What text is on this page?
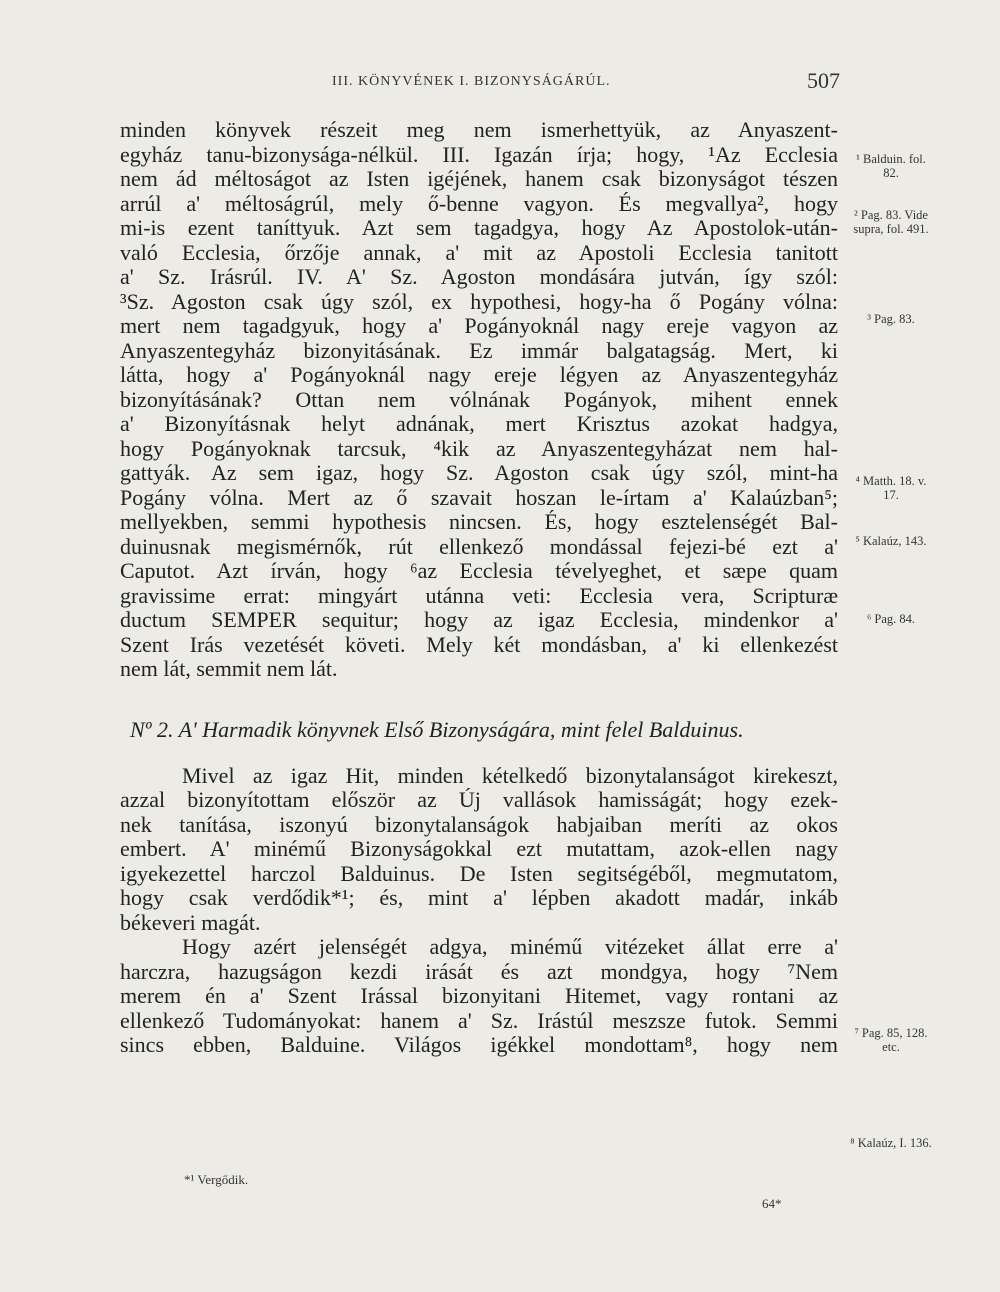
III. KÖNYVÉNEK I. BIZONYSÁGÁRÚL.	507
minden könyvek részeit meg nem ismerhettyük, az Anyaszent-
egyház tanu-bizonysága-nélkül. III. Igazán írja; hogy, ¹Az Ecclesia
nem ád méltoságot az Isten igéjének, hanem csak bizonyságot tészen
arrúl a' méltoságrúl, mely ő-benne vagyon. És megvallya², hogy
mi-is ezent taníttyuk. Azt sem tagadgya, hogy Az Apostolok-után-
való Ecclesia, őrzője annak, a' mit az Apostoli Ecclesia tanitott
a' Sz. Irásrúl. IV. A' Sz. Agoston mondására jutván, így szól:
³Sz. Agoston csak úgy szól, ex hypothesi, hogy-ha ő Pogány vólna:
mert nem tagadgyuk, hogy a' Pogányoknál nagy ereje vagyon az
Anyaszentegyház bizonyitásának. Ez immár balgatagság. Mert, ki
látta, hogy a' Pogányoknál nagy ereje légyen az Anyaszentegyház
bizonyításának? Ottan nem vólnának Pogányok, mihent ennek
a' Bizonyításnak helyt adnának, mert Krisztus azokat hadgya,
hogy Pogányoknak tarcsuk, ⁴kik az Anyaszentegyházat nem hal-
gattyák. Az sem igaz, hogy Sz. Agoston csak úgy szól, mint-ha
Pogány vólna. Mert az ő szavait hoszan le-írtam a' Kalaúzban⁵;
mellyekben, semmi hypothesis nincsen. És, hogy esztelenségét Bal-
duinusnak megismérnők, rút ellenkező mondással fejezi-bé ezt a'
Caputot. Azt írván, hogy ⁶az Ecclesia tévelyeghet, et sæpe quam
gravissime errat: mingyárt utánna veti: Ecclesia vera, Scripturæ
ductum SEMPER sequitur; hogy az igaz Ecclesia, mindenkor a'
Szent Irás vezetését követi. Mely két mondásban, a' ki ellenkezést
nem lát, semmit nem lát.
Nº 2. A' Harmadik könyvnek Első Bizonyságára, mint felel Balduinus.
Mivel az igaz Hit, minden kételkedő bizonytalanságot kirekeszt,
azzal bizonyítottam először az Új vallások hamisságát; hogy ezek-
nek tanítása, iszonyú bizonytalanságok habjaiban meríti az okos
embert. A' minémű Bizonyságokkal ezt mutattam, azok-ellen nagy
igyekezettel harczol Balduinus. De Isten segitségéből, megmutatom,
hogy csak verdődik*¹; és, mint a' lépben akadott madár, inkáb
békeveri magát.
Hogy azért jelenségét adgya, minémű vitézeket állat erre a'
harczra, hazugságon kezdi irását és azt mondgya, hogy ⁷Nem
merem én a' Szent Irással bizonyitani Hitemet, vagy rontani az
ellenkező Tudományokat: hanem a' Sz. Irástúl meszsze futok. Semmi
sincs ebben, Balduine. Világos igékkel mondottam⁸, hogy nem
¹ Balduin. fol. 82.
² Pag. 83. Vide supra, fol. 491.
³ Pag. 83.
⁴ Matth. 18. v. 17.
⁵ Kalaúz, 143.
⁶ Pag. 84.
⁷ Pag. 85, 128. etc.
⁸ Kalaúz, I. 136.
*¹ Vergődik.
64*
